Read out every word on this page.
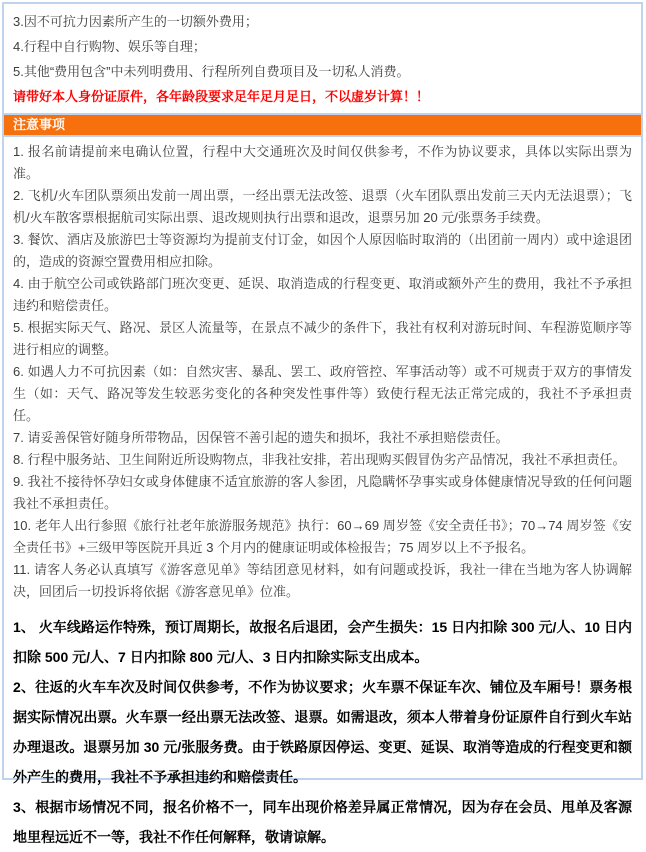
3.因不可抗力因素所产生的一切额外费用；

4.行程中自行购物、娱乐等自理；

5.其他“费用包含”中未列明费用、行程所列自费项目及一切私人消费。

请带好本人身份证原件，各年龄段要求足年足月足日，不以虚岁计算！！

注意事项

1. 报名前请提前来电确认位置，行程中大交通班次及时间仅供参考，不作为协议要求，具体以实际出票为准。

2. 飞机/火车团队票须出发前一周出票，一经出票无法改签、退票（火车团队票出发前三天内无法退票）；飞机/火车散客票根据航司实际出票、退改规则执行出票和退改，退票另加 20 元/张票务手续费。

3. 餐饮、酒店及旅游巴士等资源均为提前支付订金，如因个人原因临时取消的（出团前一周内）或中途退团的，造成的资源空置费用相应扣除。

4. 由于航空公司或铁路部门班次变更、延误、取消造成的行程变更、取消或额外产生的费用，我社不予承担违约和赔偿责任。

5. 根据实际天气、路况、景区人流量等，在景点不减少的条件下，我社有权利对游玩时间、车程游览顺序等进行相应的调整。

6. 如遇人力不可抗因素（如：自然灾害、暴乱、罢工、政府管控、军事活动等）或不可规责于双方的事情发生（如：天气、路况等发生较恶劣变化的各种突发性事件等）致使行程无法正常完成的，我社不予承担责任。

7. 请妥善保管好随身所带物品，因保管不善引起的遗失和损坏，我社不承担赔偿责任。

8. 行程中服务站、卫生间附近所设购物点，非我社安排，若出现购买假冒伪劣产品情况，我社不承担责任。

9. 我社不接待怀孕妇女或身体健康不适宜旅游的客人参团，凡隐瞒怀孕事实或身体健康情况导致的任何问题我社不承担责任。

10. 老年人出行参照《旅行社老年旅游服务规范》执行：60→69 周岁签《安全责任书》；70→74 周岁签《安全责任书》+三级甲等医院开具近 3 个月内的健康证明或体检报告；75 周岁以上不予报名。

11. 请客人务必认真填写《游客意见单》等结团意见材料，如有问题或投诉，我社一律在当地为客人协调解决，回团后一切投诉将依据《游客意见单》位准。

1、 火车线路运作特殊，预订周期长，故报名后退团，会产生损失：15 日内扣除 300 元/人、10 日内扣除 500 元/人、7 日内扣除 800 元/人、3 日内扣除实际支出成本。

2、往返的火车车次及时间仅供参考，不作为协议要求；火车票不保证车次、铺位及车厢号！票务根据实际情况出票。火车票一经出票无法改签、退票。如需退改，须本人带着身份证原件自行到火车站办理退改。退票另加 30 元/张服务费。由于铁路原因停运、变更、延误、取消等造成的行程变更和额外产生的费用，我社不予承担违约和赔偿责任。

3、根据市场情况不同，报名价格不一，同车出现价格差异属正常情况，因为存在会员、甩单及客源地里程远近不一等，我社不作任何解释，敬请谅解。
